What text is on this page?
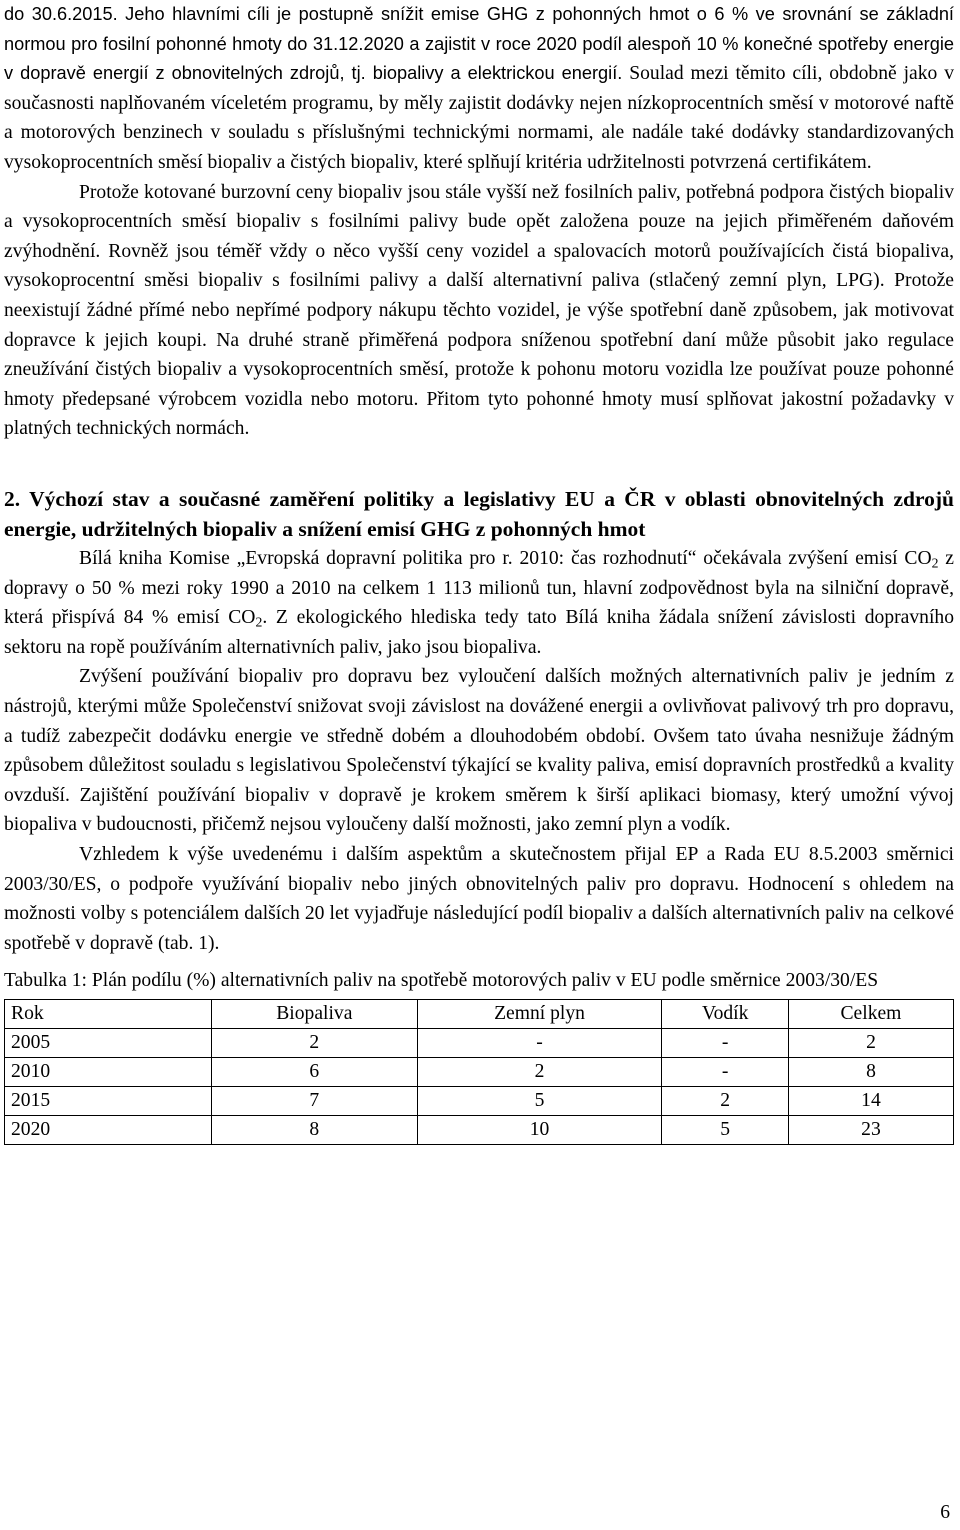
do 30.6.2015. Jeho hlavními cíli je postupně snížit emise GHG z pohonných hmot o 6 % ve srovnání se základní normou pro fosilní pohonné hmoty do 31.12.2020 a zajistit v roce 2020 podíl alespoň 10 % konečné spotřeby energie v dopravě energií z obnovitelných zdrojů, tj. biopalivy a elektrickou energií. Soulad mezi těmito cíli, obdobně jako v současnosti naplňovaném víceletém programu, by měly zajistit dodávky nejen nízkoprocentních směsí v motorové naftě a motorových benzinech v souladu s příslušnými technickými normami, ale nadále také dodávky standardizovaných vysokoprocentních směsí biopaliv a čistých biopaliv, které splňují kritéria udržitelnosti potvrzená certifikátem.

Protože kotované burzovní ceny biopaliv jsou stále vyšší než fosilních paliv, potřebná podpora čistých biopaliv a vysokoprocentních směsí biopaliv s fosilními palivy bude opět založena pouze na jejich přiměřeném daňovém zvýhodnění. Rovněž jsou téměř vždy o něco vyšší ceny vozidel a spalovacích motorů používajících čistá biopaliva, vysokoprocentní směsi biopaliv s fosilními palivy a další alternativní paliva (stlačený zemní plyn, LPG). Protože neexistují žádné přímé nebo nepřímé podpory nákupu těchto vozidel, je výše spotřební daně způsobem, jak motivovat dopravce k jejich koupi. Na druhé straně přiměřená podpora sníženou spotřební daní může působit jako regulace zneužívání čistých biopaliv a vysokoprocentních směsí, protože k pohonu motoru vozidla lze používat pouze pohonné hmoty předepsané výrobcem vozidla nebo motoru. Přitom tyto pohonné hmoty musí splňovat jakostní požadavky v platných technických normách.

2. Výchozí stav a současné zaměření politiky a legislativy EU a ČR v oblasti obnovitelných zdrojů energie, udržitelných biopaliv a snížení emisí GHG z pohonných hmot

Bílá kniha Komise „Evropská dopravní politika pro r. 2010: čas rozhodnutí“ očekávala zvýšení emisí $CO_2$ z dopravy o 50 % mezi roky 1990 a 2010 na celkem 1 113 milionů tun, hlavní zodpovědnost byla na silniční dopravě, která přispívá 84 % emisí $CO_2$. Z ekologického hlediska tedy tato Bílá kniha žádala snížení závislosti dopravního sektoru na ropě používáním alternativních paliv, jako jsou biopaliva.

Zvýšení používání biopaliv pro dopravu bez vyloučení dalších možných alternativních paliv je jedním z nástrojů, kterými může Společenství snižovat svoji závislost na dovážené energii a ovlivňovat palivový trh pro dopravu, a tudíž zabezpečit dodávku energie ve středně dobém a dlouhodobém období. Ovšem tato úvaha nesnižuje žádným způsobem důležitost souladu s legislativou Společenství týkající se kvality paliva, emisí dopravních prostředků a kvality ovzduší. Zajištění používání biopaliv v dopravě je krokem směrem k širší aplikaci biomasy, který umožní vývoj biopaliva v budoucnosti, přičemž nejsou vyloučeny další možnosti, jako zemní plyn a vodík.

Vzhledem k výše uvedenému i dalším aspektům a skutečnostem přijal EP a Rada EU 8.5.2003 směrnici 2003/30/ES, o podpoře využívání biopaliv nebo jiných obnovitelných paliv pro dopravu. Hodnocení s ohledem na možnosti volby s potenciálem dalších 20 let vyjadřuje následující podíl biopaliv a dalších alternativních paliv na celkové spotřebě v dopravě (tab. 1).

Tabulka 1: Plán podílu (%) alternativních paliv na spotřebě motorových paliv v EU podle směrnice 2003/30/ES

Rok	Biopaliva	Zemní plyn	Vodík	Celkem
2005	2	-	-	2
2010	6	2	-	8
2015	7	5	2	14
2020	8	10	5	23
6
